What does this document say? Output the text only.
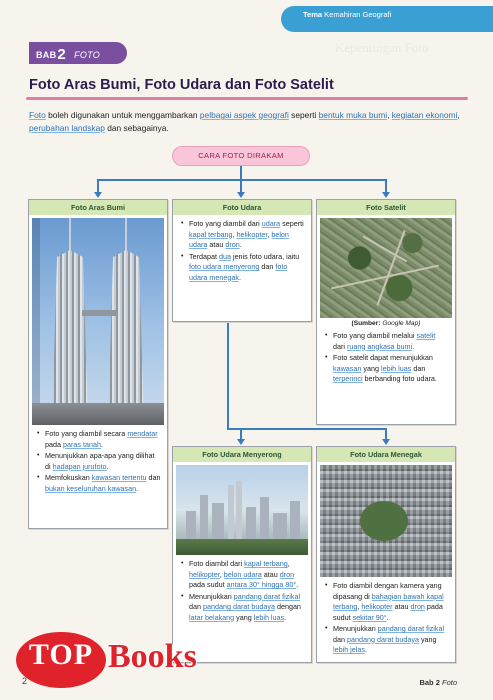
Tema Kemahiran Geografi
Kepentingan Foto
BAB2 FOTO
Foto Aras Bumi, Foto Udara dan Foto Satelit
Foto boleh digunakan untuk menggambarkan pelbagai aspek geografi seperti bentuk muka bumi, kegiatan ekonomi, perubahan landskap dan sebagainya.
CARA FOTO DIRAKAM
Foto Aras Bumi
• Foto yang diambil secara mendatar pada paras tanah.
• Menunjukkan apa-apa yang dilihat di hadapan jurufoto.
• Memfokuskan kawasan tertentu dan bukan keseluruhan kawasan.
Foto Udara
• Foto yang diambil dari udara seperti kapal terbang, helikopter, belon udara atau dron.
• Terdapat dua jenis foto udara, iaitu foto udara menyerong dan foto udara menegak.
Foto Satelit
(Sumber: Google Map)
• Foto yang diambil melalui satelit dari ruang angkasa bumi.
• Foto satelit dapat menunjukkan kawasan yang lebih luas dan terperinci berbanding foto udara.
Foto Udara Menyerong
• Foto diambil dari kapal terbang, helikopter, belon udara atau dron pada sudut antara 30° hingga 80°.
• Menunjukkan pandang darat fizikal dan pandang darat budaya dengan latar belakang yang lebih luas.
Foto Udara Menegak
• Foto diambil dengan kamera yang dipasang di bahagian bawah kapal terbang, helikopter atau dron pada sudut sekitar 90°.
• Menunjukkan pandang darat fizikal dan pandang darat budaya yang lebih jelas.
TOP Books
2	Bab 2 Foto
